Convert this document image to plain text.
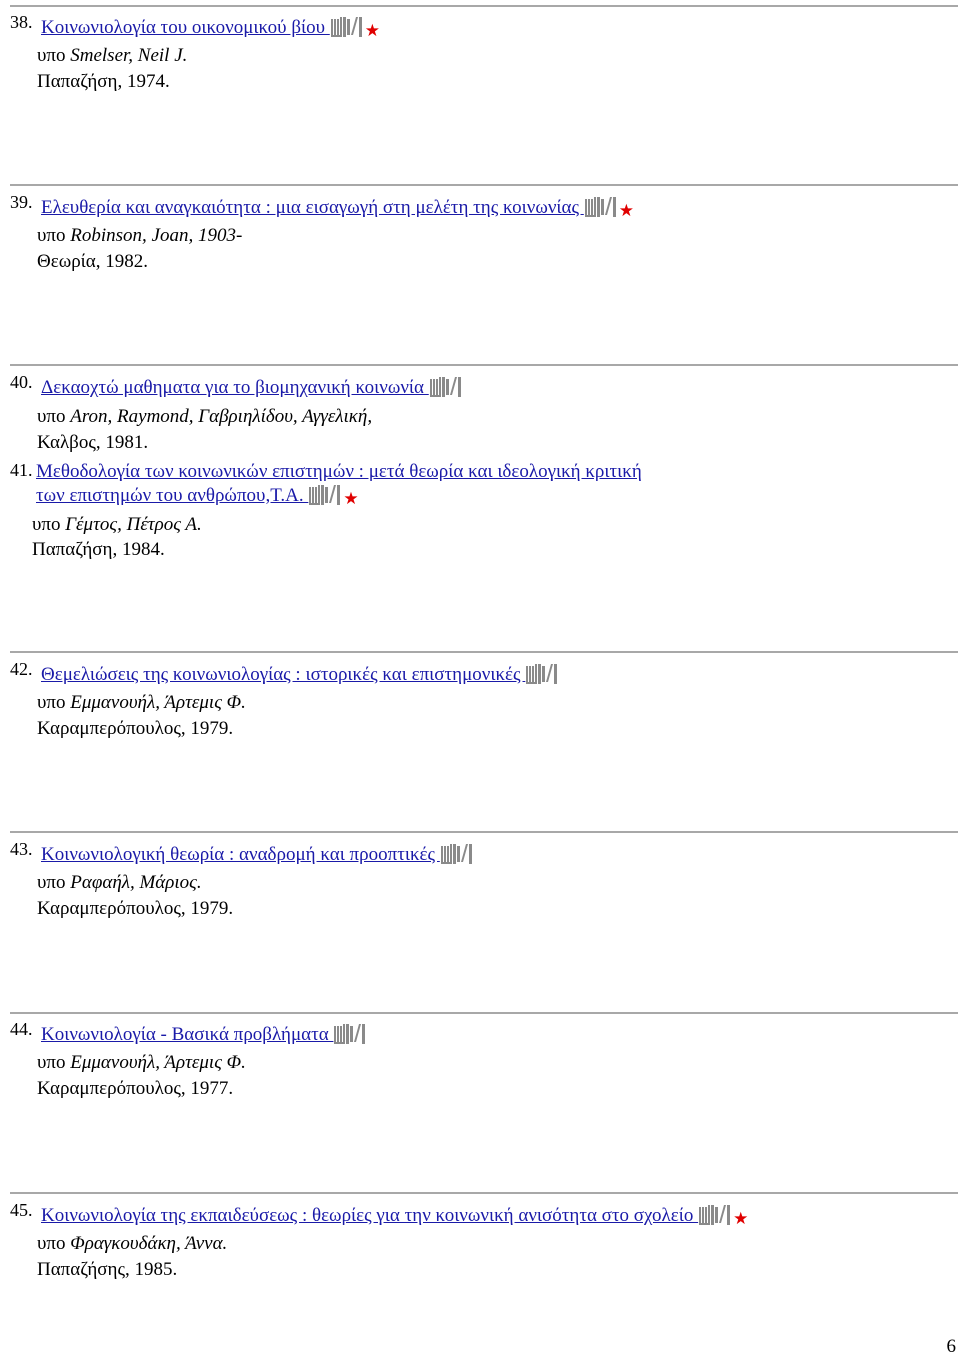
38. Κοινωνιολογία του οικονομικού βίου ★
υπο Smelser, Neil J.
Παπαζήση, 1974.
39. Ελευθερία και αναγκαιότητα : μια εισαγωγή στη μελέτη της κοινωνίας ★
υπο Robinson, Joan, 1903-
Θεωρία, 1982.
40. Δεκαοχτώ μαθηματα για το βιομηχανική κοινωνία
υπο Aron, Raymond, Γαβριηλίδου, Αγγελική,
Καλβος, 1981.
41. Μεθοδολογία των κοινωνικών επιστημών : μετά θεωρία και ιδεολογική κριτική
των επιστημών του ανθρώπου,Τ.Α. ★
υπο Γέμτος, Πέτρος Α.
Παπαζήση, 1984.
42. Θεμελιώσεις της κοινωνιολογίας : ιστορικές και επιστημονικές
υπο Εμμανουήλ, Άρτεμις Φ.
Καραμπερόπουλος, 1979.
43. Κοινωνιολογική θεωρία : αναδρομή και προοπτικές
υπο Ραφαήλ, Μάριος.
Καραμπερόπουλος, 1979.
44. Κοινωνιολογία - Βασικά προβλήματα
υπο Εμμανουήλ, Άρτεμις Φ.
Καραμπερόπουλος, 1977.
45. Κοινωνιολογία της εκπαιδεύσεως : θεωρίες για την κοινωνική ανισότητα στο σχολείο ★
υπο Φραγκουδάκη, Άννα.
Παπαζήσης, 1985.
6
